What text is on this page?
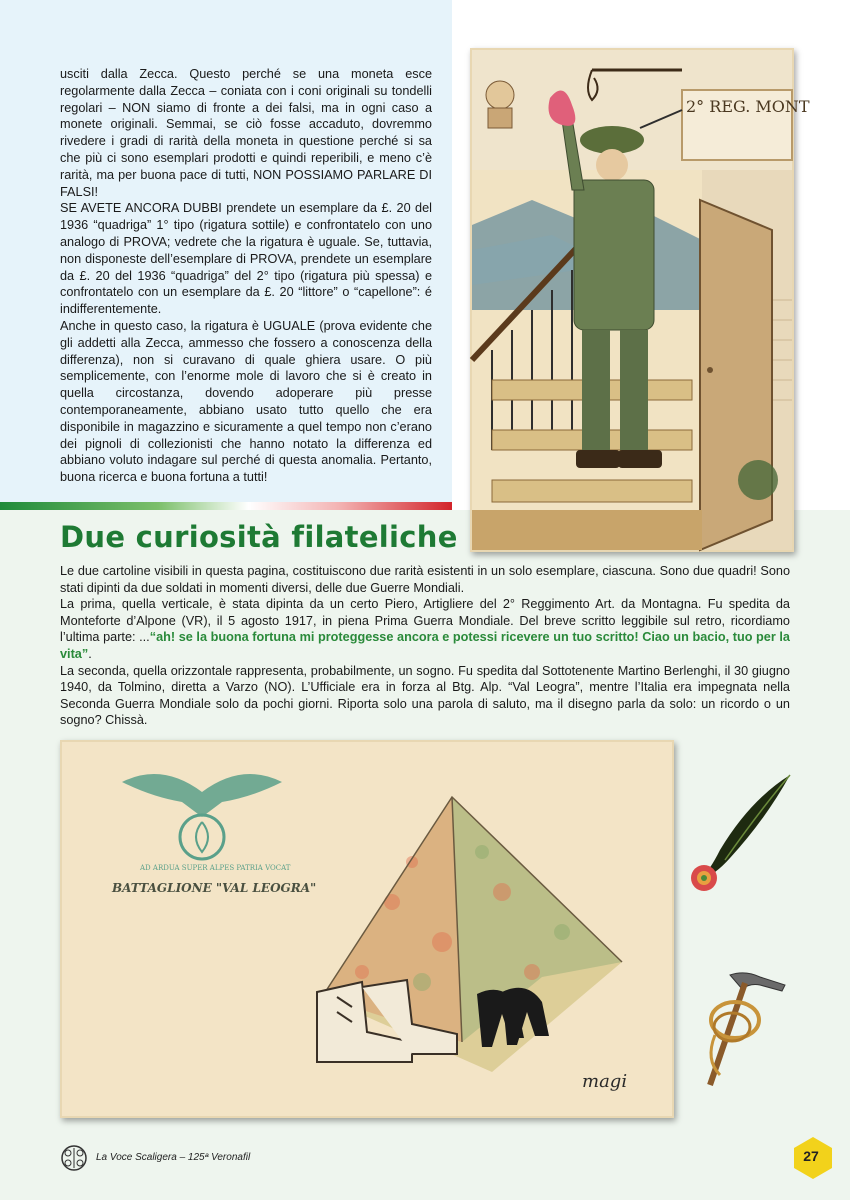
usciti dalla Zecca. Questo perché se una moneta esce regolarmente dalla Zecca – coniata con i coni originali su tondelli regolari – NON siamo di fronte a dei falsi, ma in ogni caso a monete originali. Semmai, se ciò fosse accaduto, dovremmo rivedere i gradi di rarità della moneta in questione perché si sa che più ci sono esemplari prodotti e quindi reperibili, e meno c’è rarità, ma per buona pace di tutti, NON POSSIAMO PARLARE DI FALSI!

SE AVETE ANCORA DUBBI prendete un esemplare da £. 20 del 1936 “quadriga” 1° tipo (rigatura sottile) e confrontatelo con uno analogo di PROVA; vedrete che la rigatura è uguale. Se, tuttavia, non disponeste dell’esemplare di PROVA, prendete un esemplare da £. 20 del 1936 “quadriga” del 2° tipo (rigatura più spessa) e confrontatelo con un esemplare da £. 20 “littore” o “capellone”: é indifferentemente.

Anche in questo caso, la rigatura è UGUALE (prova evidente che gli addetti alla Zecca, ammesso che fossero a conoscenza della differenza), non si curavano di quale ghiera usare. O più semplicemente, con l’enorme mole di lavoro che si è creato in quella circostanza, dovendo adoperare più presse contemporaneamente, abbiano usato tutto quello che era disponibile in magazzino e sicuramente a quel tempo non c’erano dei pignoli di collezionisti che hanno notato la differenza ed abbiano voluto indagare sul perché di questa anomalia. Pertanto, buona ricerca e buona fortuna a tutti!

2° REG. MONT
Due curiosità filateliche

Le due cartoline visibili in questa pagina, costituiscono due rarità esistenti in un solo esemplare, ciascuna. Sono due quadri! Sono stati dipinti da due soldati in momenti diversi, delle due Guerre Mondiali.

La prima, quella verticale, è stata dipinta da un certo Piero, Artigliere del 2° Reggimento Art. da Montagna. Fu spedita da Monteforte d’Alpone (VR), il 5 agosto 1917, in piena Prima Guerra Mondiale. Del breve scritto leggibile sul retro, ricordiamo l’ultima parte: ...“ah! se la buona fortuna mi proteggesse ancora e potessi ricevere un tuo scritto! Ciao un bacio, tuo per la vita”.

La seconda, quella orizzontale rappresenta, probabilmente, un sogno. Fu spedita dal Sottotenente Martino Berlenghi, il 30 giugno 1940, da Tolmino, diretta a Varzo (NO). L’Ufficiale era in forza al Btg. Alp. “Val Leogra”, mentre l’Italia era impegnata nella Seconda Guerra Mondiale solo da pochi giorni. Riporta solo una parola di saluto, ma il disegno parla da solo: un ricordo o un sogno? Chissà.

AD ARDUA SUPER ALPES PATRIA VOCAT
BATTAGLIONE "VAL LEOGRA"
magi
La Voce Scaligera – 125ª Veronafil	27
